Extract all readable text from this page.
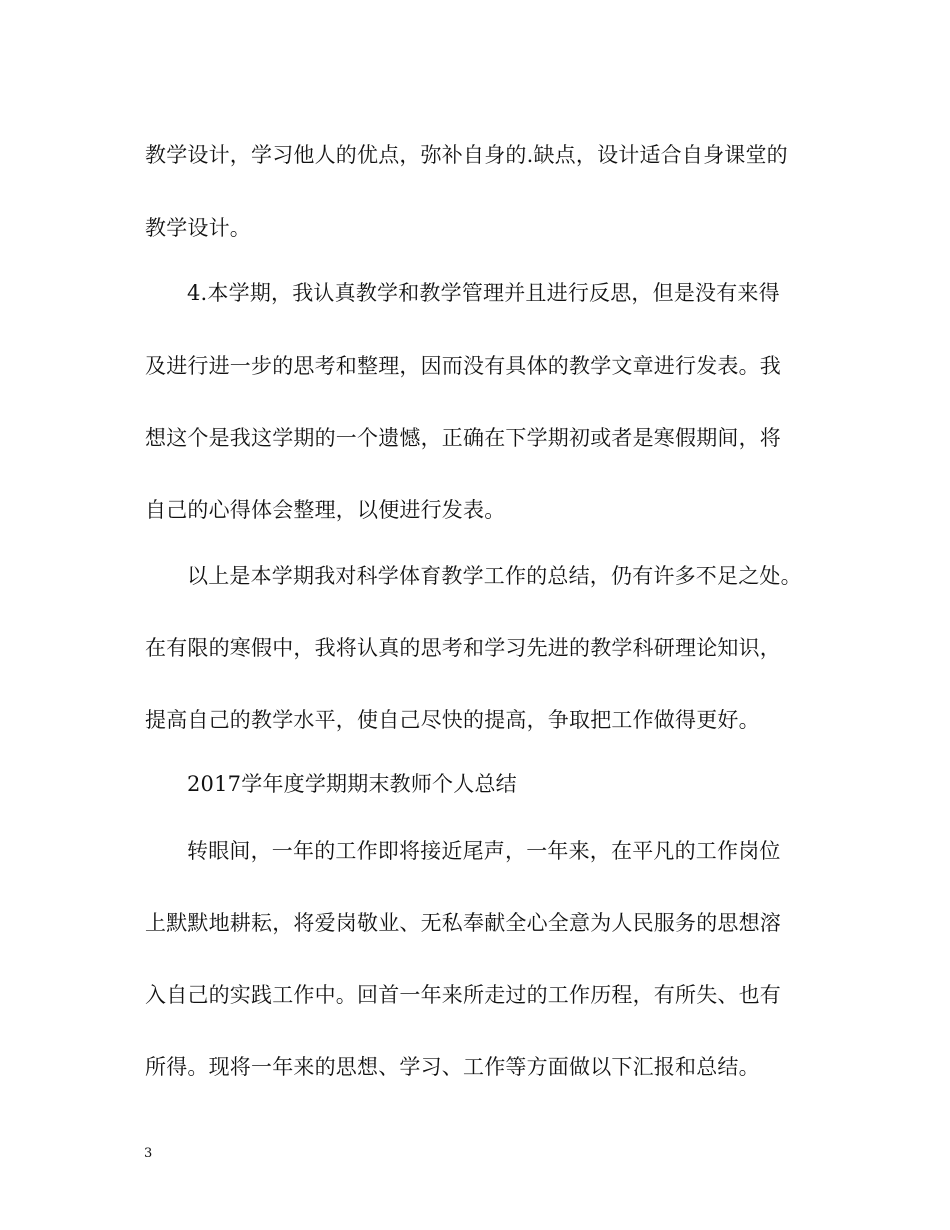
教学设计，学习他人的优点，弥补自身的.缺点，设计适合自身课堂的
教学设计。
4.本学期，我认真教学和教学管理并且进行反思，但是没有来得
及进行进一步的思考和整理，因而没有具体的教学文章进行发表。我
想这个是我这学期的一个遗憾，正确在下学期初或者是寒假期间，将
自己的心得体会整理，以便进行发表。
以上是本学期我对科学体育教学工作的总结，仍有许多不足之处。
在有限的寒假中，我将认真的思考和学习先进的教学科研理论知识，
提高自己的教学水平，使自己尽快的提高，争取把工作做得更好。
2017学年度学期期末教师个人总结
转眼间，一年的工作即将接近尾声，一年来，在平凡的工作岗位
上默默地耕耘，将爱岗敬业、无私奉献全心全意为人民服务的思想溶
入自己的实践工作中。回首一年来所走过的工作历程，有所失、也有
所得。现将一年来的思想、学习、工作等方面做以下汇报和总结。
3
